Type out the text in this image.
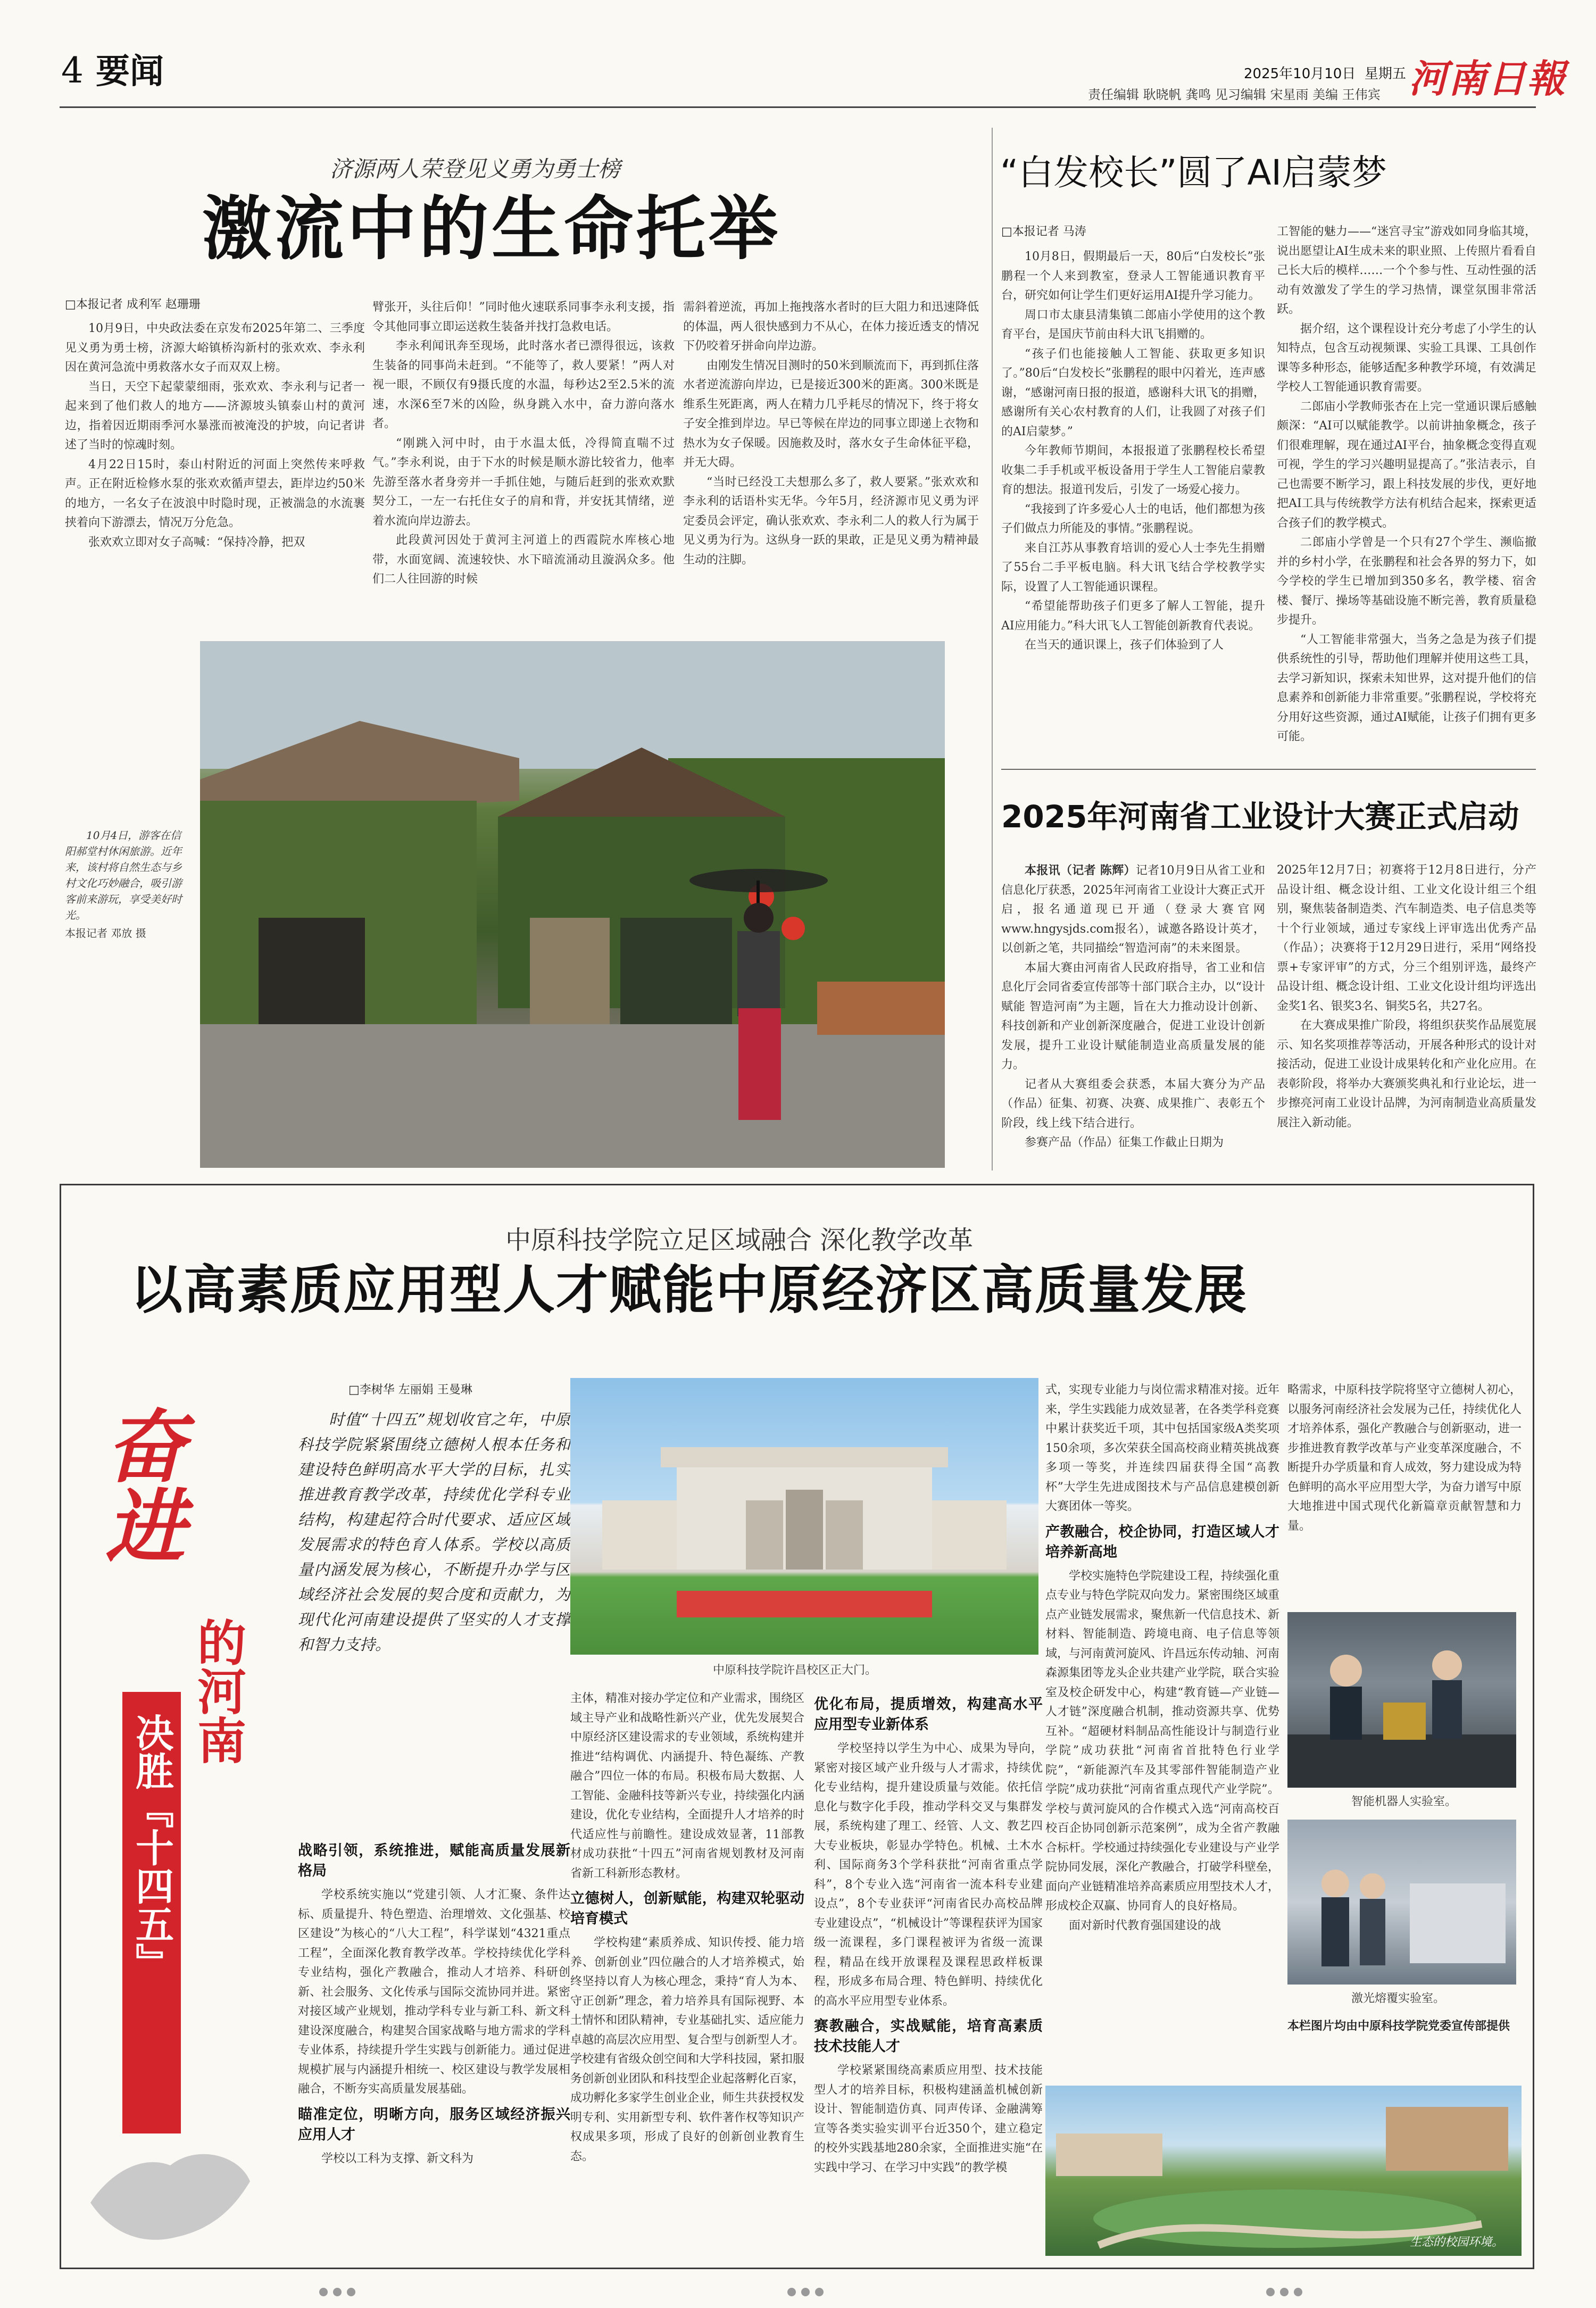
4 要闻	2025年10月10日 星期五
责任编辑 耿晓帆 龚鸣 见习编辑 宋星雨 美编 王伟宾 河南日報
济源两人荣登见义勇为勇士榜
激流中的生命托举
□本报记者 成利军 赵珊珊

10月9日，中央政法委在京发布2025年第二、三季度见义勇为勇士榜，济源大峪镇桥沟新村的张欢欢、李永利因在黄河急流中勇救落水女子而双双上榜。

当日，天空下起蒙蒙细雨，张欢欢、李永利与记者一起来到了他们救人的地方——济源坡头镇泰山村的黄河边，指着因近期雨季河水暴涨而被淹没的护坡，向记者讲述了当时的惊魂时刻。

4月22日15时，泰山村附近的河面上突然传来呼救声。正在附近检修水泵的张欢欢循声望去，距岸边约50米的地方，一名女子在波浪中时隐时现，正被湍急的水流裹挟着向下游漂去，情况万分危急。

张欢欢立即对女子高喊：“保持冷静，把双

臂张开，头往后仰！”同时他火速联系同事李永利支援，指令其他同事立即运送救生装备并找打急救电话。

李永利闻讯奔至现场，此时落水者已漂得很远，该救生装备的同事尚未赶到。“不能等了，救人要紧！”两人对视一眼，不顾仅有9摄氏度的水温，每秒达2至2.5米的流速，水深6至7米的凶险，纵身跳入水中，奋力游向落水者。

“刚跳入河中时，由于水温太低，冷得简直喘不过气。”李永利说，由于下水的时候是顺水游比较省力，他率先游至落水者身旁并一手抓住她，与随后赶到的张欢欢默契分工，一左一右托住女子的肩和背，并安抚其情绪，逆着水流向岸边游去。

此段黄河因处于黄河主河道上的西霞院水库核心地带，水面宽阔、流速较快、水下暗流涌动且漩涡众多。他们二人往回游的时候

需斜着逆流，再加上拖拽落水者时的巨大阻力和迅速降低的体温，两人很快感到力不从心，在体力接近透支的情况下仍咬着牙拼命向岸边游。

由刚发生情况目测时的50米到顺流而下，再到抓住落水者逆流游向岸边，已是接近300米的距离。300米既是维系生死距离，两人在精力几乎耗尽的情况下，终于将女子安全推到岸边。早已等候在岸边的同事立即递上衣物和热水为女子保暖。因施救及时，落水女子生命体征平稳，并无大碍。

“当时已经没工夫想那么多了，救人要紧。”张欢欢和李永利的话语朴实无华。今年5月，经济源市见义勇为评定委员会评定，确认张欢欢、李永利二人的救人行为属于见义勇为行为。这纵身一跃的果敢，正是见义勇为精神最生动的注脚。

10月4日，游客在信阳郝堂村休闲旅游。近年来，该村将自然生态与乡村文化巧妙融合，吸引游客前来游玩，享受美好时光。
本报记者 邓放 摄
“白发校长”圆了AI启蒙梦
□本报记者 马涛

10月8日，假期最后一天，80后“白发校长”张鹏程一个人来到教室，登录人工智能通识教育平台，研究如何让学生们更好运用AI提升学习能力。

周口市太康县清集镇二郎庙小学使用的这个教育平台，是国庆节前由科大讯飞捐赠的。

“孩子们也能接触人工智能、获取更多知识了。”80后“白发校长”张鹏程的眼中闪着光，连声感谢，“感谢河南日报的报道，感谢科大讯飞的捐赠，感谢所有关心农村教育的人们，让我圆了对孩子们的AI启蒙梦。”

今年教师节期间，本报报道了张鹏程校长希望收集二手手机或平板设备用于学生人工智能启蒙教育的想法。报道刊发后，引发了一场爱心接力。

“我接到了许多爱心人士的电话，他们都想为孩子们做点力所能及的事情。”张鹏程说。

来自江苏从事教育培训的爱心人士李先生捐赠了55台二手平板电脑。科大讯飞结合学校教学实际，设置了人工智能通识课程。

“希望能帮助孩子们更多了解人工智能，提升AI应用能力。”科大讯飞人工智能创新教育代表说。

在当天的通识课上，孩子们体验到了人

工智能的魅力——“迷宫寻宝”游戏如同身临其境，说出愿望让AI生成未来的职业照、上传照片看看自己长大后的模样……一个个参与性、互动性强的活动有效激发了学生的学习热情，课堂氛围非常活跃。

据介绍，这个课程设计充分考虑了小学生的认知特点，包含互动视频课、实验工具课、工具创作课等多种形态，能够适配多种教学环境，有效满足学校人工智能通识教育需要。

二郎庙小学教师张杏在上完一堂通识课后感触颇深：“AI可以赋能教学。以前讲抽象概念，孩子们很难理解，现在通过AI平台，抽象概念变得直观可视，学生的学习兴趣明显提高了。”张洁表示，自己也需要不断学习，跟上科技发展的步伐，更好地把AI工具与传统教学方法有机结合起来，探索更适合孩子们的教学模式。

二郎庙小学曾是一个只有27个学生、濒临撤并的乡村小学，在张鹏程和社会各界的努力下，如今学校的学生已增加到350多名，教学楼、宿舍楼、餐厅、操场等基础设施不断完善，教育质量稳步提升。

“人工智能非常强大，当务之急是为孩子们提供系统性的引导，帮助他们理解并使用这些工具，去学习新知识，探索未知世界，这对提升他们的信息素养和创新能力非常重要。”张鹏程说，学校将充分用好这些资源，通过AI赋能，让孩子们拥有更多可能。

2025年河南省工业设计大赛正式启动

本报讯（记者 陈辉）记者10月9日从省工业和信息化厅获悉，2025年河南省工业设计大赛正式开启，报名通道现已开通（登录大赛官网www.hngysjds.com报名），诚邀各路设计英才，以创新之笔，共同描绘“智造河南”的未来图景。

本届大赛由河南省人民政府指导，省工业和信息化厅会同省委宣传部等十部门联合主办，以“设计赋能 智造河南”为主题，旨在大力推动设计创新、科技创新和产业创新深度融合，促进工业设计创新发展，提升工业设计赋能制造业高质量发展的能力。

记者从大赛组委会获悉，本届大赛分为产品（作品）征集、初赛、决赛、成果推广、表彰五个阶段，线上线下结合进行。

参赛产品（作品）征集工作截止日期为

2025年12月7日；初赛将于12月8日进行，分产品设计组、概念设计组、工业文化设计组三个组别，聚焦装备制造类、汽车制造类、电子信息类等十个行业领域，通过专家线上评审选出优秀产品（作品）；决赛将于12月29日进行，采用“网络投票+专家评审”的方式，分三个组别评选，最终产品设计组、概念设计组、工业文化设计组均评选出金奖1名、银奖3名、铜奖5名，共27名。

在大赛成果推广阶段，将组织获奖作品展览展示、知名奖项推荐等活动，开展各种形式的设计对接活动，促进工业设计成果转化和产业化应用。在表彰阶段，将举办大赛颁奖典礼和行业论坛，进一步擦亮河南工业设计品牌，为河南制造业高质量发展注入新动能。

中原科技学院立足区域融合 深化教学改革
以高素质应用型人才赋能中原经济区高质量发展
奋进
的河南
决胜『十四五』
□李树华 左丽娟 王曼琳
时值“十四五”规划收官之年，中原科技学院紧紧围绕立德树人根本任务和建设特色鲜明高水平大学的目标，扎实推进教育教学改革，持续优化学科专业结构，构建起符合时代要求、适应区域发展需求的特色育人体系。学校以高质量内涵发展为核心，不断提升办学与区域经济社会发展的契合度和贡献力，为现代化河南建设提供了坚实的人才支撑和智力支持。
战略引领，系统推进，赋能高质量发展新格局

学校系统实施以“党建引领、人才汇聚、条件达标、质量提升、特色塑造、治理增效、文化强基、校区建设”为核心的“八大工程”，科学谋划“4321重点工程”，全面深化教育教学改革。学校持续优化学科专业结构，强化产教融合，推动人才培养、科研创新、社会服务、文化传承与国际交流协同并进。紧密对接区域产业规划，推动学科专业与新工科、新文科建设深度融合，构建契合国家战略与地方需求的学科专业体系，持续提升学生实践与创新能力。通过促进规模扩展与内涵提升相统一、校区建设与教学发展相融合，不断夯实高质量发展基础。

瞄准定位，明晰方向，服务区域经济振兴应用人才

学校以工科为支撑、新文科为

中原科技学院许昌校区正大门。

主体，精准对接办学定位和产业需求，围绕区域主导产业和战略性新兴产业，优先发展契合中原经济区建设需求的专业领域，系统构建并推进“结构调优、内涵提升、特色凝练、产教融合”四位一体的布局。积极布局大数据、人工智能、金融科技等新兴专业，持续强化内涵建设，优化专业结构，全面提升人才培养的时代适应性与前瞻性。建设成效显著，11部教材成功获批“十四五”河南省规划教材及河南省新工科新形态教材。

立德树人，创新赋能，构建双轮驱动培育模式

学校构建“素质养成、知识传授、能力培养、创新创业”四位融合的人才培养模式，始终坚持以育人为核心理念，秉持“育人为本、守正创新”理念，着力培养具有国际视野、本土情怀和团队精神，专业基础扎实、适应能力卓越的高层次应用型、复合型与创新型人才。学校建有省级众创空间和大学科技园，紧扣服务创新创业团队和科技型企业起落孵化百家，成功孵化多家学生创业企业，师生共获授权发明专利、实用新型专利、软件著作权等知识产权成果多项，形成了良好的创新创业教育生态。

优化布局，提质增效，构建高水平应用型专业新体系

学校坚持以学生为中心、成果为导向，紧密对接区域产业升级与人才需求，持续优化专业结构，提升建设质量与效能。依托信息化与数字化手段，推动学科交叉与集群发展，系统构建了理工、经管、人文、教艺四大专业板块，彰显办学特色。机械、土木水利、国际商务3个学科获批“河南省重点学科”，8个专业入选“河南省一流本科专业建设点”，8个专业获评“河南省民办高校品牌专业建设点”，“机械设计”等课程获评为国家级一流课程，多门课程被评为省级一流课程，精品在线开放课程及课程思政样板课程，形成多布局合理、特色鲜明、持续优化的高水平应用型专业体系。

赛教融合，实战赋能，培育高素质技术技能人才

学校紧紧围绕高素质应用型、技术技能型人才的培养目标，积极构建涵盖机械创新设计、智能制造仿真、同声传译、金融满筹宣等各类实验实训平台近350个，建立稳定的校外实践基地280余家，全面推进实施“在实践中学习、在学习中实践”的教学模

式，实现专业能力与岗位需求精准对接。近年来，学生实践能力成效显著，在各类学科竞赛中累计获奖近千项，其中包括国家级A类奖项150余项，多次荣获全国高校商业精英挑战赛多项一等奖，并连续四届获得全国“高教杯”大学生先进成图技术与产品信息建模创新大赛团体一等奖。

产教融合，校企协同，打造区域人才培养新高地

学校实施特色学院建设工程，持续强化重点专业与特色学院双向发力。紧密围绕区域重点产业链发展需求，聚焦新一代信息技术、新材料、智能制造、跨境电商、电子信息等领域，与河南黄河旋风、许昌远东传动轴、河南森源集团等龙头企业共建产业学院，联合实验室及校企研发中心，构建“教育链—产业链—人才链”深度融合机制，推动资源共享、优势互补。“超硬材料制品高性能设计与制造行业学院”成功获批“河南省首批特色行业学院”，“新能源汽车及其零部件智能制造产业学院”成功获批“河南省重点现代产业学院”。学校与黄河旋风的合作模式入选“河南高校百校百企协同创新示范案例”，成为全省产教融合标杆。学校通过持续强化专业建设与产业学院协同发展，深化产教融合，打破学科壁垒，面向产业链精准培养高素质应用型技术人才，形成校企双赢、协同育人的良好格局。

面对新时代教育强国建设的战

略需求，中原科技学院将坚守立德树人初心，以服务河南经济社会发展为己任，持续优化人才培养体系，强化产教融合与创新驱动，进一步推进教育教学改革与产业变革深度融合，不断提升办学质量和育人成效，努力建设成为特色鲜明的高水平应用型大学，为奋力谱写中原大地推进中国式现代化新篇章贡献智慧和力量。

智能机器人实验室。
激光熔覆实验室。
本栏图片均由中原科技学院党委宣传部提供
生态的校园环境。
